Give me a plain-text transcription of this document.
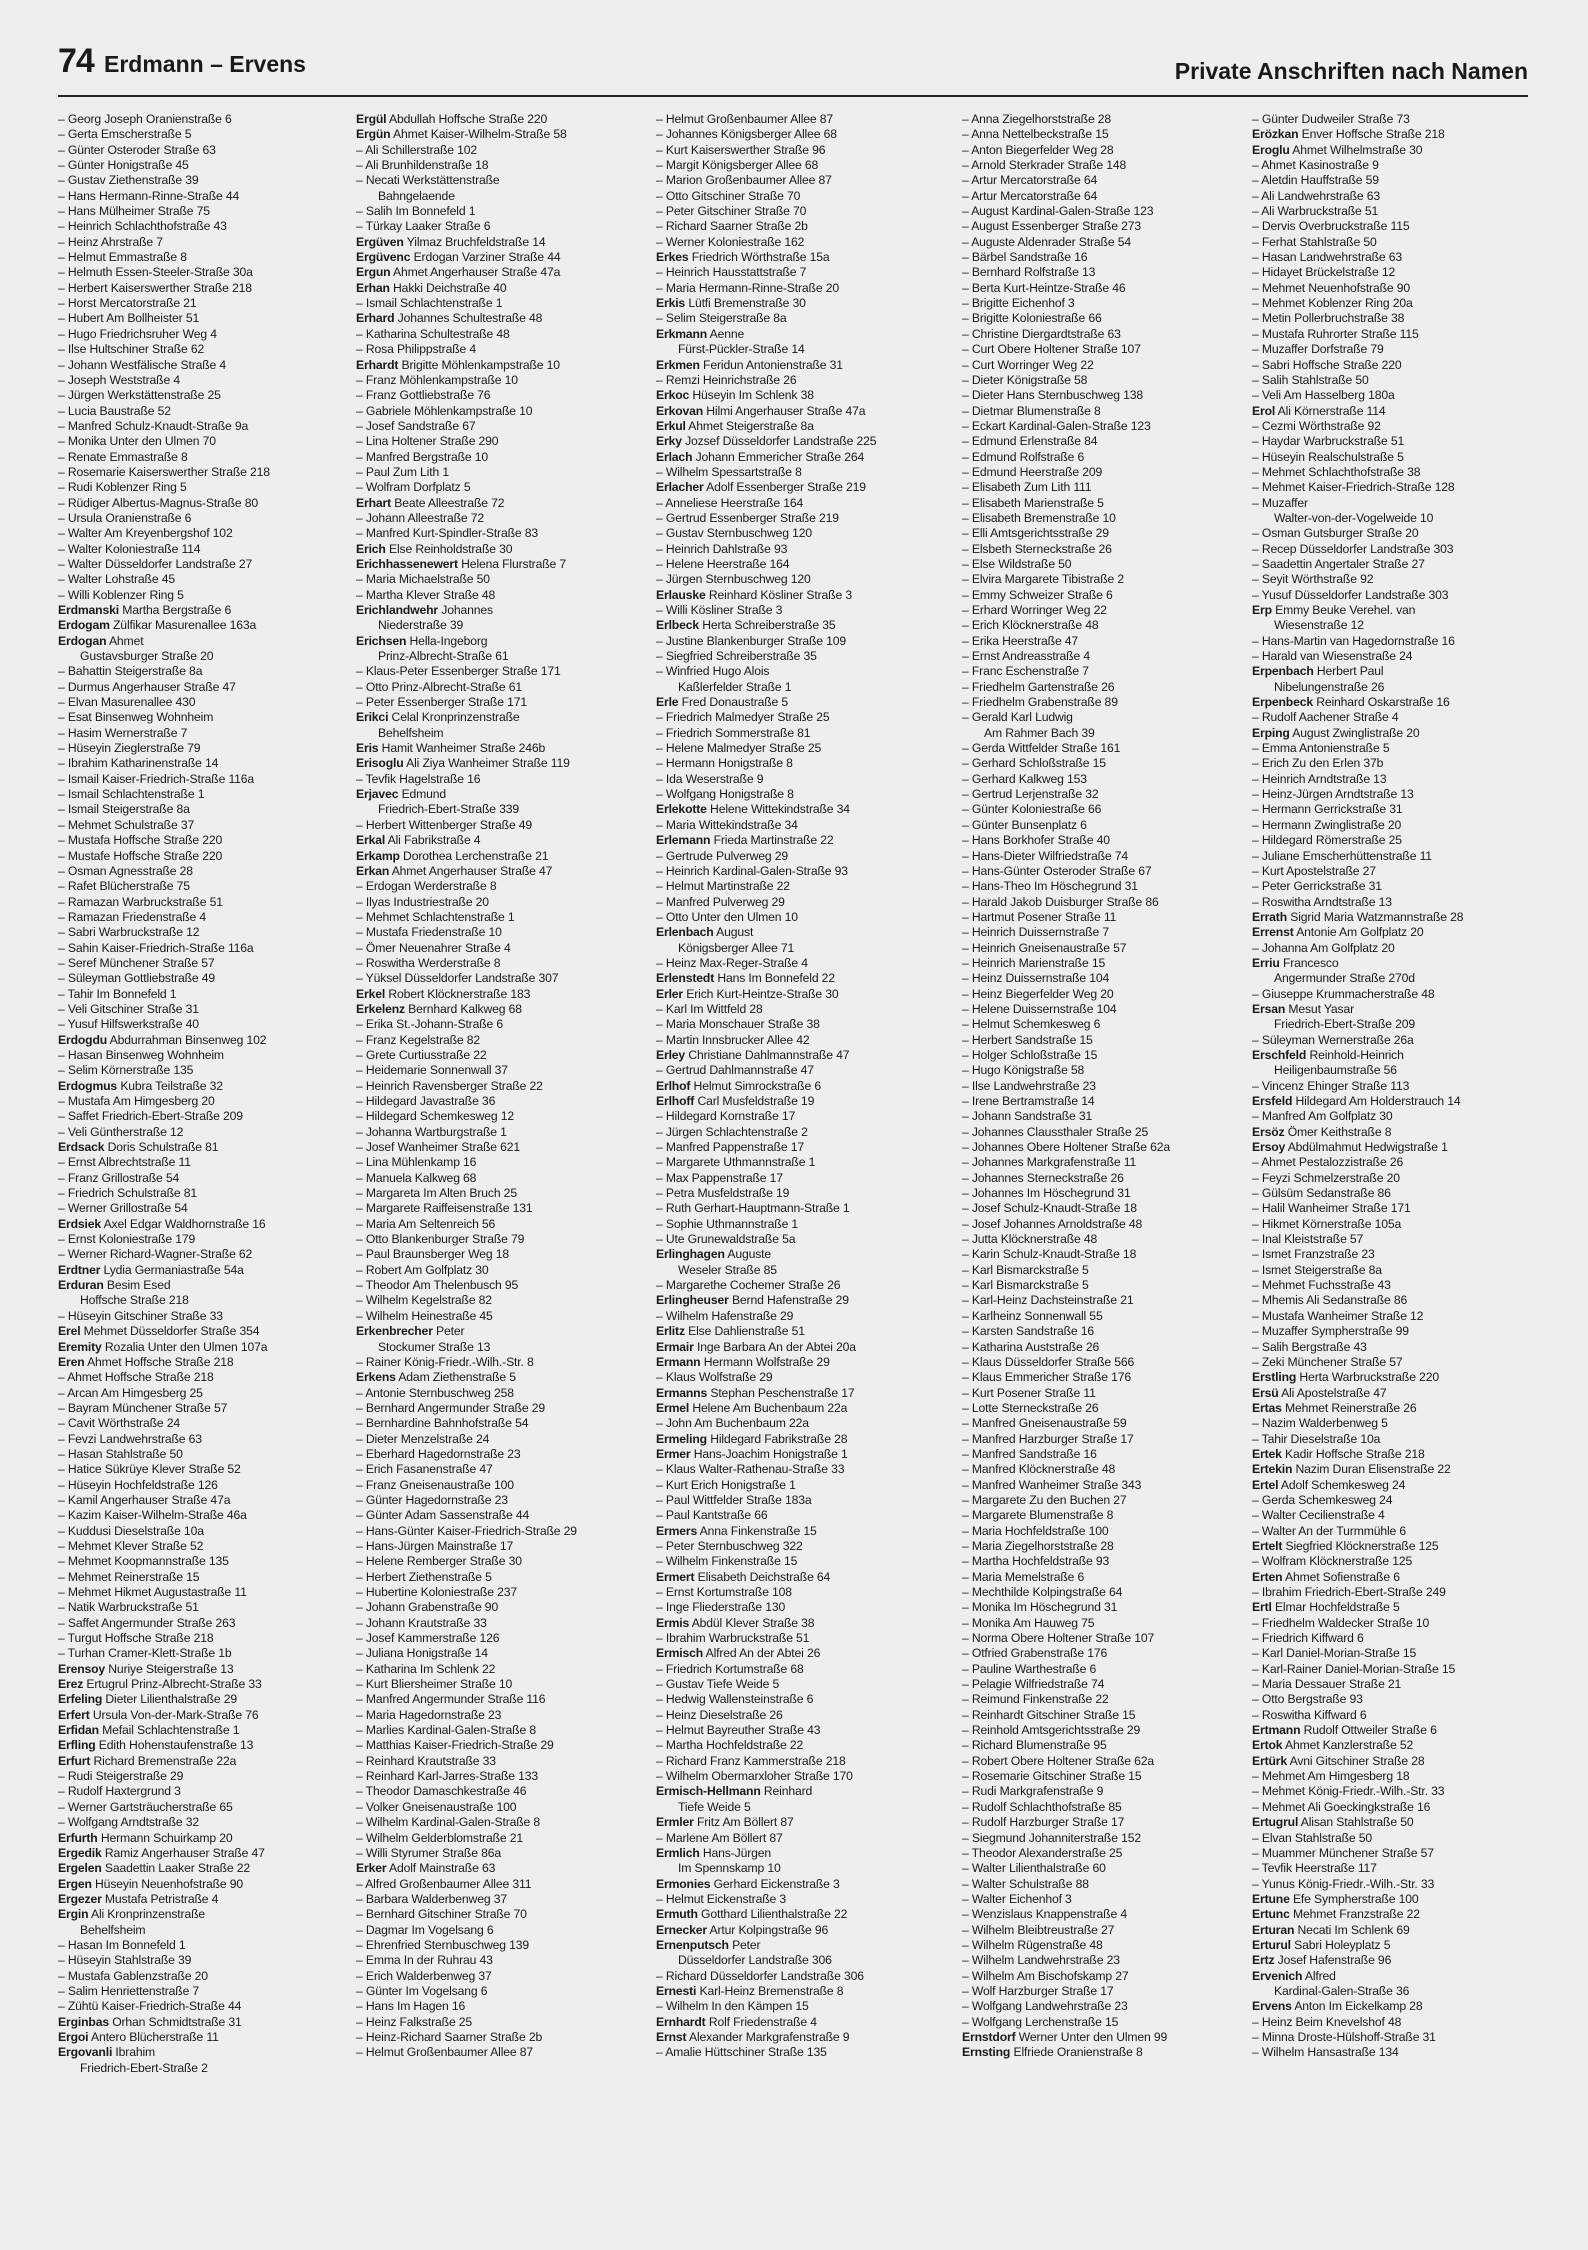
74 Erdmann – Ervens	Private Anschriften nach Namen
– Georg Joseph Oranienstraße 6
– Gerta Emscherstraße 5
– Günter Osteroder Straße 63
– Günter Honigstraße 45
– Gustav Ziethenstraße 39
– Hans Hermann-Rinne-Straße 44
– Hans Mülheimer Straße 75
– Heinrich Schlachthofstraße 43
– Heinz Ahrstraße 7
– Helmut Emmastraße 8
– Helmuth Essen-Steeler-Straße 30a
– Herbert Kaiserswerther Straße 218
– Horst Mercatorstraße 21
– Hubert Am Bollheister 51
– Hugo Friedrichsruher Weg 4
– Ilse Hultschiner Straße 62
– Johann Westfälische Straße 4
– Joseph Weststraße 4
– Jürgen Werkstättenstraße 25
– Lucia Baustraße 52
– Manfred Schulz-Knaudt-Straße 9a
– Monika Unter den Ulmen 70
– Renate Emmastraße 8
– Rosemarie Kaiserswerther Straße 218
– Rudi Koblenzer Ring 5
– Rüdiger Albertus-Magnus-Straße 80
– Ursula Oranienstraße 6
– Walter Am Kreyenbergshof 102
– Walter Koloniestraße 114
– Walter Düsseldorfer Landstraße 27
– Walter Lohstraße 45
– Willi Koblenzer Ring 5
Erdmanski Martha Bergstraße 6
Erdogam Zülfikar Masurenallee 163a
Erdogan Ahmet
Gustavsburger Straße 20
– Bahattin Steigerstraße 8a
– Durmus Angerhauser Straße 47
– Elvan Masurenallee 430
– Esat Binsenweg Wohnheim
– Hasim Wernerstraße 7
– Hüseyin Zieglerstraße 79
– Ibrahim Katharinenstraße 14
– Ismail Kaiser-Friedrich-Straße 116a
– Ismail Schlachtenstraße 1
– Ismail Steigerstraße 8a
– Mehmet Schulstraße 37
– Mustafa Hoffsche Straße 220
– Mustafe Hoffsche Straße 220
– Osman Agnesstraße 28
– Rafet Blücherstraße 75
– Ramazan Warbruckstraße 51
– Ramazan Friedenstraße 4
– Sabri Warbruckstraße 12
– Sahin Kaiser-Friedrich-Straße 116a
– Seref Münchener Straße 57
– Süleyman Gottliebstraße 49
– Tahir Im Bonnefeld 1
– Veli Gitschiner Straße 31
– Yusuf Hilfswerkstraße 40
Erdogdu Abdurrahman Binsenweg 102
– Hasan Binsenweg Wohnheim
– Selim Körnerstraße 135
Erdogmus Kubra Teilstraße 32
– Mustafa Am Himgesberg 20
– Saffet Friedrich-Ebert-Straße 209
– Veli Güntherstraße 12
Erdsack Doris Schulstraße 81
– Ernst Albrechtstraße 11
– Franz Grillostraße 54
– Friedrich Schulstraße 81
– Werner Grillostraße 54
Erdsiek Axel Edgar Waldhornstraße 16
– Ernst Koloniestraße 179
– Werner Richard-Wagner-Straße 62
Erdtner Lydia Germaniastraße 54a
Erduran Besim Esed
Hoffsche Straße 218
– Hüseyin Gitschiner Straße 33
Erel Mehmet Düsseldorfer Straße 354
Eremity Rozalia Unter den Ulmen 107a
Eren Ahmet Hoffsche Straße 218
– Ahmet Hoffsche Straße 218
– Arcan Am Himgesberg 25
– Bayram Münchener Straße 57
– Cavit Wörthstraße 24
– Fevzi Landwehrstraße 63
– Hasan Stahlstraße 50
– Hatice Sükrüye Klever Straße 52
– Hüseyin Hochfeldstraße 126
– Kamil Angerhauser Straße 47a
– Kazim Kaiser-Wilhelm-Straße 46a
– Kuddusi Dieselstraße 10a
– Mehmet Klever Straße 52
– Mehmet Koopmannstraße 135
– Mehmet Reinerstraße 15
– Mehmet Hikmet Augustastraße 11
– Natik Warbruckstraße 51
– Saffet Angermunder Straße 263
– Turgut Hoffsche Straße 218
– Turhan Cramer-Klett-Straße 1b
Erensoy Nuriye Steigerstraße 13
Erez Ertugrul Prinz-Albrecht-Straße 33
Erfeling Dieter Lilienthalstraße 29
Erfert Ursula Von-der-Mark-Straße 76
Erfidan Mefail Schlachtenstraße 1
Erfling Edith Hohenstaufenstraße 13
Erfurt Richard Bremenstraße 22a
– Rudi Steigerstraße 29
– Rudolf Haxtergrund 3
– Werner Gartsträucherstraße 65
– Wolfgang Arndtstraße 32
Erfurth Hermann Schuirkamp 20
Ergedik Ramiz Angerhauser Straße 47
Ergelen Saadettin Laaker Straße 22
Ergen Hüseyin Neuenhofstraße 90
Ergezer Mustafa Petristraße 4
Ergin Ali Kronprinzenstraße
Behelfsheim
– Hasan Im Bonnefeld 1
– Hüseyin Stahlstraße 39
– Mustafa Gablenzstraße 20
– Salim Henriettenstraße 7
– Zühtü Kaiser-Friedrich-Straße 44
Erginbas Orhan Schmidtstraße 31
Ergoi Antero Blücherstraße 11
Ergovanli Ibrahim
Friedrich-Ebert-Straße 2
Ergül Abdullah Hoffsche Straße 220
Ergün Ahmet Kaiser-Wilhelm-Straße 58
– Ali Schillerstraße 102
– Ali Brunhildenstraße 18
– Necati Werkstättenstraße
Bahngelaende
– Salih Im Bonnefeld 1
– Türkay Laaker Straße 6
Ergüven Yilmaz Bruchfeldstraße 14
Ergüvenc Erdogan Varziner Straße 44
Ergun Ahmet Angerhauser Straße 47a
Erhan Hakki Deichstraße 40
– Ismail Schlachtenstraße 1
Erhard Johannes Schultestraße 48
– Katharina Schultestraße 48
– Rosa Philippstraße 4
Erhardt Brigitte Möhlenkampstraße 10
– Franz Möhlenkampstraße 10
– Franz Gottliebstraße 76
– Gabriele Möhlenkampstraße 10
– Josef Sandstraße 67
– Lina Holtener Straße 290
– Manfred Bergstraße 10
– Paul Zum Lith 1
– Wolfram Dorfplatz 5
Erhart Beate Alleestraße 72
– Johann Alleestraße 72
– Manfred Kurt-Spindler-Straße 83
Erich Else Reinholdstraße 30
Erichhassenewert Helena Flurstraße 7
– Maria Michaelstraße 50
– Martha Klever Straße 48
Erichlandwehr Johannes
Niederstraße 39
Erichsen Hella-Ingeborg
Prinz-Albrecht-Straße 61
– Klaus-Peter Essenberger Straße 171
– Otto Prinz-Albrecht-Straße 61
– Peter Essenberger Straße 171
Erikci Celal Kronprinzenstraße
Behelfsheim
Eris Hamit Wanheimer Straße 246b
Erisoglu Ali Ziya Wanheimer Straße 119
– Tevfik Hagelstraße 16
Erjavec Edmund
Friedrich-Ebert-Straße 339
– Herbert Wittenberger Straße 49
Erkal Ali Fabrikstraße 4
Erkamp Dorothea Lerchenstraße 21
Erkan Ahmet Angerhauser Straße 47
– Erdogan Werderstraße 8
– Ilyas Industriestraße 20
– Mehmet Schlachtenstraße 1
– Mustafa Friedenstraße 10
– Ömer Neuenahrer Straße 4
– Roswitha Werderstraße 8
– Yüksel Düsseldorfer Landstraße 307
Erkel Robert Klöcknerstraße 183
Erkelenz Bernhard Kalkweg 68
– Erika St.-Johann-Straße 6
– Franz Kegelstraße 82
– Grete Curtiusstraße 22
– Heidemarie Sonnenwall 37
– Heinrich Ravensberger Straße 22
– Hildegard Javastraße 36
– Hildegard Schemkesweg 12
– Johanna Wartburgstraße 1
– Josef Wanheimer Straße 621
– Lina Mühlenkamp 16
– Manuela Kalkweg 68
– Margareta Im Alten Bruch 25
– Margarete Raiffeisenstraße 131
– Maria Am Seltenreich 56
– Otto Blankenburger Straße 79
– Paul Braunsberger Weg 18
– Robert Am Golfplatz 30
– Theodor Am Thelenbusch 95
– Wilhelm Kegelstraße 82
– Wilhelm Heinestraße 45
Erkenbrecher Peter
Stockumer Straße 13
– Rainer König-Friedr.-Wilh.-Str. 8
Erkens Adam Ziethenstraße 5
– Antonie Sternbuschweg 258
– Bernhard Angermunder Straße 29
– Bernhardine Bahnhofstraße 54
– Dieter Menzelstraße 24
– Eberhard Hagedornstraße 23
– Erich Fasanenstraße 47
– Franz Gneisenaustraße 100
– Günter Hagedornstraße 23
– Günter Adam Sassenstraße 44
– Hans-Günter Kaiser-Friedrich-Straße 29
– Hans-Jürgen Mainstraße 17
– Helene Remberger Straße 30
– Herbert Ziethenstraße 5
– Hubertine Koloniestraße 237
– Johann Grabenstraße 90
– Johann Krautstraße 33
– Josef Kammerstraße 126
– Juliana Honigstraße 14
– Katharina Im Schlenk 22
– Kurt Bliersheimer Straße 10
– Manfred Angermunder Straße 116
– Maria Hagedornstraße 23
– Marlies Kardinal-Galen-Straße 8
– Matthias Kaiser-Friedrich-Straße 29
– Reinhard Krautstraße 33
– Reinhard Karl-Jarres-Straße 133
– Theodor Damaschkestraße 46
– Volker Gneisenaustraße 100
– Wilhelm Kardinal-Galen-Straße 8
– Wilhelm Gelderblomstraße 21
– Willi Styrumer Straße 86a
Erker Adolf Mainstraße 63
– Alfred Großenbaumer Allee 311
– Barbara Walderbenweg 37
– Bernhard Gitschiner Straße 70
– Dagmar Im Vogelsang 6
– Ehrenfried Sternbuschweg 139
– Emma In der Ruhrau 43
– Erich Walderbenweg 37
– Günter Im Vogelsang 6
– Hans Im Hagen 16
– Heinz Falkstraße 25
– Heinz-Richard Saarner Straße 2b
– Helmut Großenbaumer Allee 87
– Helmut Großenbaumer Allee 87
– Johannes Königsberger Allee 68
– Kurt Kaiserswerther Straße 96
– Margit Königsberger Allee 68
– Marion Großenbaumer Allee 87
– Otto Gitschiner Straße 70
– Peter Gitschiner Straße 70
– Richard Saarner Straße 2b
– Werner Koloniestraße 162
Erkes Friedrich Wörthstraße 15a
– Heinrich Hausstattstraße 7
– Maria Hermann-Rinne-Straße 20
Erkis Lütfi Bremenstraße 30
– Selim Steigerstraße 8a
Erkmann Aenne
Fürst-Pückler-Straße 14
Erkmen Feridun Antonienstraße 31
– Remzi Heinrichstraße 26
Erkoc Hüseyin Im Schlenk 38
Erkovan Hilmi Angerhauser Straße 47a
Erkul Ahmet Steigerstraße 8a
Erky Jozsef Düsseldorfer Landstraße 225
Erlach Johann Emmericher Straße 264
– Wilhelm Spessartstraße 8
Erlacher Adolf Essenberger Straße 219
– Anneliese Heerstraße 164
– Gertrud Essenberger Straße 219
– Gustav Sternbuschweg 120
– Heinrich Dahlstraße 93
– Helene Heerstraße 164
– Jürgen Sternbuschweg 120
Erlauske Reinhard Kösliner Straße 3
– Willi Kösliner Straße 3
Erlbeck Herta Schreiberstraße 35
– Justine Blankenburger Straße 109
– Siegfried Schreiberstraße 35
– Winfried Hugo Alois
Kaßlerfelder Straße 1
Erle Fred Donaustraße 5
– Friedrich Malmedyer Straße 25
– Friedrich Sommerstraße 81
– Helene Malmedyer Straße 25
– Hermann Honigstraße 8
– Ida Weserstraße 9
– Wolfgang Honigstraße 8
Erlekotte Helene Wittekindstraße 34
– Maria Wittekindstraße 34
Erlemann Frieda Martinstraße 22
– Gertrude Pulverweg 29
– Heinrich Kardinal-Galen-Straße 93
– Helmut Martinstraße 22
– Manfred Pulverweg 29
– Otto Unter den Ulmen 10
Erlenbach August
Königsberger Allee 71
– Heinz Max-Reger-Straße 4
Erlenstedt Hans Im Bonnefeld 22
Erler Erich Kurt-Heintze-Straße 30
– Karl Im Wittfeld 28
– Maria Monschauer Straße 38
– Martin Innsbrucker Allee 42
Erley Christiane Dahlmannstraße 47
– Gertrud Dahlmannstraße 47
Erlhof Helmut Simrockstraße 6
Erlhoff Carl Musfeldstraße 19
– Hildegard Kornstraße 17
– Jürgen Schlachtenstraße 2
– Manfred Pappenstraße 17
– Margarete Uthmannstraße 1
– Max Pappenstraße 17
– Petra Musfeldstraße 19
– Ruth Gerhart-Hauptmann-Straße 1
– Sophie Uthmannstraße 1
– Ute Grunewaldstraße 5a
Erlinghagen Auguste
Weseler Straße 85
– Margarethe Cochemer Straße 26
Erlingheuser Bernd Hafenstraße 29
– Wilhelm Hafenstraße 29
Erlitz Else Dahlienstraße 51
Ermair Inge Barbara An der Abtei 20a
Ermann Hermann Wolfstraße 29
– Klaus Wolfstraße 29
Ermanns Stephan Peschenstraße 17
Ermel Helene Am Buchenbaum 22a
– John Am Buchenbaum 22a
Ermeling Hildegard Fabrikstraße 28
Ermer Hans-Joachim Honigstraße 1
– Klaus Walter-Rathenau-Straße 33
– Kurt Erich Honigstraße 1
– Paul Wittfelder Straße 183a
– Paul Kantstraße 66
Ermers Anna Finkenstraße 15
– Peter Sternbuschweg 322
– Wilhelm Finkenstraße 15
Ermert Elisabeth Deichstraße 64
– Ernst Kortumstraße 108
– Inge Fliederstraße 130
Ermis Abdül Klever Straße 38
– Ibrahim Warbruckstraße 51
Ermisch Alfred An der Abtei 26
– Friedrich Kortumstraße 68
– Gustav Tiefe Weide 5
– Hedwig Wallensteinstraße 6
– Heinz Dieselstraße 26
– Helmut Bayreuther Straße 43
– Martha Hochfeldstraße 22
– Richard Franz Kammerstraße 218
– Wilhelm Obermarxloher Straße 170
Ermisch-Hellmann Reinhard
Tiefe Weide 5
Ermler Fritz Am Böllert 87
– Marlene Am Böllert 87
Ermlich Hans-Jürgen
Im Spennskamp 10
Ermonies Gerhard Eickenstraße 3
– Helmut Eickenstraße 3
Ermuth Gotthard Lilienthalstraße 22
Ernecker Artur Kolpingstraße 96
Ernenputsch Peter
Düsseldorfer Landstraße 306
– Richard Düsseldorfer Landstraße 306
Ernesti Karl-Heinz Bremenstraße 8
– Wilhelm In den Kämpen 15
Ernhardt Rolf Friedenstraße 4
Ernst Alexander Markgrafenstraße 9
– Amalie Hüttschiner Straße 135
– Anna Ziegelhorststraße 28
– Anna Nettelbeckstraße 15
– Anton Biegerfelder Weg 28
– Arnold Sterkrader Straße 148
– Artur Mercatorstraße 64
– Artur Mercatorstraße 64
– August Kardinal-Galen-Straße 123
– August Essenberger Straße 273
– Auguste Aldenrader Straße 54
– Bärbel Sandstraße 16
– Bernhard Rolfstraße 13
– Berta Kurt-Heintze-Straße 46
– Brigitte Eichenhof 3
– Brigitte Koloniestraße 66
– Christine Diergardtstraße 63
– Curt Obere Holtener Straße 107
– Curt Worringer Weg 22
– Dieter Königstraße 58
– Dieter Hans Sternbuschweg 138
– Dietmar Blumenstraße 8
– Eckart Kardinal-Galen-Straße 123
– Edmund Erlenstraße 84
– Edmund Rolfstraße 6
– Edmund Heerstraße 209
– Elisabeth Zum Lith 111
– Elisabeth Marienstraße 5
– Elisabeth Bremenstraße 10
– Elli Amtsgerichtsstraße 29
– Elsbeth Sterneckstraße 26
– Else Wildstraße 50
– Elvira Margarete Tibistraße 2
– Emmy Schweizer Straße 6
– Erhard Worringer Weg 22
– Erich Klöcknerstraße 48
– Erika Heerstraße 47
– Ernst Andreasstraße 4
– Franc Eschenstraße 7
– Friedhelm Gartenstraße 26
– Friedhelm Grabenstraße 89
– Gerald Karl Ludwig
Am Rahmer Bach 39
– Gerda Wittfelder Straße 161
– Gerhard Schloßstraße 15
– Gerhard Kalkweg 153
– Gertrud Lerjenstraße 32
– Günter Koloniestraße 66
– Günter Bunsenplatz 6
– Hans Borkhofer Straße 40
– Hans-Dieter Wilfriedstraße 74
– Hans-Günter Osteroder Straße 67
– Hans-Theo Im Höschegrund 31
– Harald Jakob Duisburger Straße 86
– Hartmut Posener Straße 11
– Heinrich Duissernstraße 7
– Heinrich Gneisenaustraße 57
– Heinrich Marienstraße 15
– Heinz Duissernstraße 104
– Heinz Biegerfelder Weg 20
– Helene Duissernstraße 104
– Helmut Schemkesweg 6
– Herbert Sandstraße 15
– Holger Schloßstraße 15
– Hugo Königstraße 58
– Ilse Landwehrstraße 23
– Irene Bertramstraße 14
– Johann Sandstraße 31
– Johannes Claussthaler Straße 25
– Johannes Obere Holtener Straße 62a
– Johannes Markgrafenstraße 11
– Johannes Sterneckstraße 26
– Johannes Im Höschegrund 31
– Josef Schulz-Knaudt-Straße 18
– Josef Johannes Arnoldstraße 48
– Jutta Klöcknerstraße 48
– Karin Schulz-Knaudt-Straße 18
– Karl Bismarckstraße 5
– Karl Bismarckstraße 5
– Karl-Heinz Dachsteinstraße 21
– Karlheinz Sonnenwall 55
– Karsten Sandstraße 16
– Katharina Auststraße 26
– Klaus Düsseldorfer Straße 566
– Klaus Emmericher Straße 176
– Kurt Posener Straße 11
– Lotte Sterneckstraße 26
– Manfred Gneisenaustraße 59
– Manfred Harzburger Straße 17
– Manfred Sandstraße 16
– Manfred Klöcknerstraße 48
– Manfred Wanheimer Straße 343
– Margarete Zu den Buchen 27
– Margarete Blumenstraße 8
– Maria Hochfeldstraße 100
– Maria Ziegelhorststraße 28
– Martha Hochfeldstraße 93
– Maria Memelstraße 6
– Mechthilde Kolpingstraße 64
– Monika Im Höschegrund 31
– Monika Am Hauweg 75
– Norma Obere Holtener Straße 107
– Otfried Grabenstraße 176
– Pauline Warthestraße 6
– Pelagie Wilfriedstraße 74
– Reimund Finkenstraße 22
– Reinhardt Gitschiner Straße 15
– Reinhold Amtsgerichtsstraße 29
– Richard Blumenstraße 95
– Robert Obere Holtener Straße 62a
– Rosemarie Gitschiner Straße 15
– Rudi Markgrafenstraße 9
– Rudolf Schlachthofstraße 85
– Rudolf Harzburger Straße 17
– Siegmund Johanniterstraße 152
– Theodor Alexanderstraße 25
– Walter Lilienthalstraße 60
– Walter Schulstraße 88
– Walter Eichenhof 3
– Wenzislaus Knappenstraße 4
– Wilhelm Bleibtreustraße 27
– Wilhelm Rügenstraße 48
– Wilhelm Landwehrstraße 23
– Wilhelm Am Bischofskamp 27
– Wolf Harzburger Straße 17
– Wolfgang Landwehrstraße 23
– Wolfgang Lerchenstraße 15
Ernstdorf Werner Unter den Ulmen 99
Ernsting Elfriede Oranienstraße 8
– Günter Dudweiler Straße 73
Erözkan Enver Hoffsche Straße 218
Eroglu Ahmet Wilhelmstraße 30
– Ahmet Kasinostraße 9
– Aletdin Hauffstraße 59
– Ali Landwehrstraße 63
– Ali Warbruckstraße 51
– Dervis Overbruckstraße 115
– Ferhat Stahlstraße 50
– Hasan Landwehrstraße 63
– Hidayet Brückelstraße 12
– Mehmet Neuenhofstraße 90
– Mehmet Koblenzer Ring 20a
– Metin Pollerbruchstraße 38
– Mustafa Ruhrorter Straße 115
– Muzaffer Dorfstraße 79
– Sabri Hoffsche Straße 220
– Salih Stahlstraße 50
– Veli Am Hasselberg 180a
Erol Ali Körnerstraße 114
– Cezmi Wörthstraße 92
– Haydar Warbruckstraße 51
– Hüseyin Realschulstraße 5
– Mehmet Schlachthofstraße 38
– Mehmet Kaiser-Friedrich-Straße 128
– Muzaffer
Walter-von-der-Vogelweide 10
– Osman Gutsburger Straße 20
– Recep Düsseldorfer Landstraße 303
– Saadettin Angertaler Straße 27
– Seyit Wörthstraße 92
– Yusuf Düsseldorfer Landstraße 303
Erp Emmy Beuke Verehel. van
Wiesenstraße 12
– Hans-Martin van Hagedornstraße 16
– Harald van Wiesenstraße 24
Erpenbach Herbert Paul
Nibelungenstraße 26
Erpenbeck Reinhard Oskarstraße 16
– Rudolf Aachener Straße 4
Erping August Zwinglistraße 20
– Emma Antonienstraße 5
– Erich Zu den Erlen 37b
– Heinrich Arndtstraße 13
– Heinz-Jürgen Arndtstraße 13
– Hermann Gerrickstraße 31
– Hermann Zwinglistraße 20
– Hildegard Römerstraße 25
– Juliane Emscherhüttenstraße 11
– Kurt Apostelstraße 27
– Peter Gerrickstraße 31
– Roswitha Arndtstraße 13
Errath Sigrid Maria Watzmannstraße 28
Errenst Antonie Am Golfplatz 20
– Johanna Am Golfplatz 20
Erriu Francesco
Angermunder Straße 270d
– Giuseppe Krummacherstraße 48
Ersan Mesut Yasar
Friedrich-Ebert-Straße 209
– Süleyman Wernerstraße 26a
Erschfeld Reinhold-Heinrich
Heiligenbaumstraße 56
– Vincenz Ehinger Straße 113
Ersfeld Hildegard Am Holderstrauch 14
– Manfred Am Golfplatz 30
Ersöz Ömer Keithstraße 8
Ersoy Abdülmahmut Hedwigstraße 1
– Ahmet Pestalozzistraße 26
– Feyzi Schmelzerstraße 20
– Gülsüm Sedanstraße 86
– Halil Wanheimer Straße 171
– Hikmet Körnerstraße 105a
– Inal Kleiststraße 57
– Ismet Franzstraße 23
– Ismet Steigerstraße 8a
– Mehmet Fuchsstraße 43
– Mhemis Ali Sedanstraße 86
– Mustafa Wanheimer Straße 12
– Muzaffer Sympherstraße 99
– Salih Bergstraße 43
– Zeki Münchener Straße 57
Erstling Herta Warbruckstraße 220
Ersü Ali Apostelstraße 47
Ertas Mehmet Reinerstraße 26
– Nazim Walderbenweg 5
– Tahir Dieselstraße 10a
Ertek Kadir Hoffsche Straße 218
Ertekin Nazim Duran Elisenstraße 22
Ertel Adolf Schemkesweg 24
– Gerda Schemkesweg 24
– Walter Cecilienstraße 4
– Walter An der Turmmühle 6
Ertelt Siegfried Klöcknerstraße 125
– Wolfram Klöcknerstraße 125
Erten Ahmet Sofienstraße 6
– Ibrahim Friedrich-Ebert-Straße 249
Ertl Elmar Hochfeldstraße 5
– Friedhelm Waldecker Straße 10
– Friedrich Kiffward 6
– Karl Daniel-Morian-Straße 15
– Karl-Rainer Daniel-Morian-Straße 15
– Maria Dessauer Straße 21
– Otto Bergstraße 93
– Roswitha Kiffward 6
Ertmann Rudolf Ottweiler Straße 6
Ertok Ahmet Kanzlerstraße 52
Ertürk Avni Gitschiner Straße 28
– Mehmet Am Himgesberg 18
– Mehmet König-Friedr.-Wilh.-Str. 33
– Mehmet Ali Goeckingkstraße 16
Ertugrul Alisan Stahlstraße 50
– Elvan Stahlstraße 50
– Muammer Münchener Straße 57
– Tevfik Heerstraße 117
– Yunus König-Friedr.-Wilh.-Str. 33
Ertune Efe Sympherstraße 100
Ertunc Mehmet Franzstraße 22
Erturan Necati Im Schlenk 69
Erturul Sabri Holeyplatz 5
Ertz Josef Hafenstraße 96
Ervenich Alfred
Kardinal-Galen-Straße 36
Ervens Anton Im Eickelkamp 28
– Heinz Beim Knevelshof 48
– Minna Droste-Hülshoff-Straße 31
– Wilhelm Hansastraße 134
